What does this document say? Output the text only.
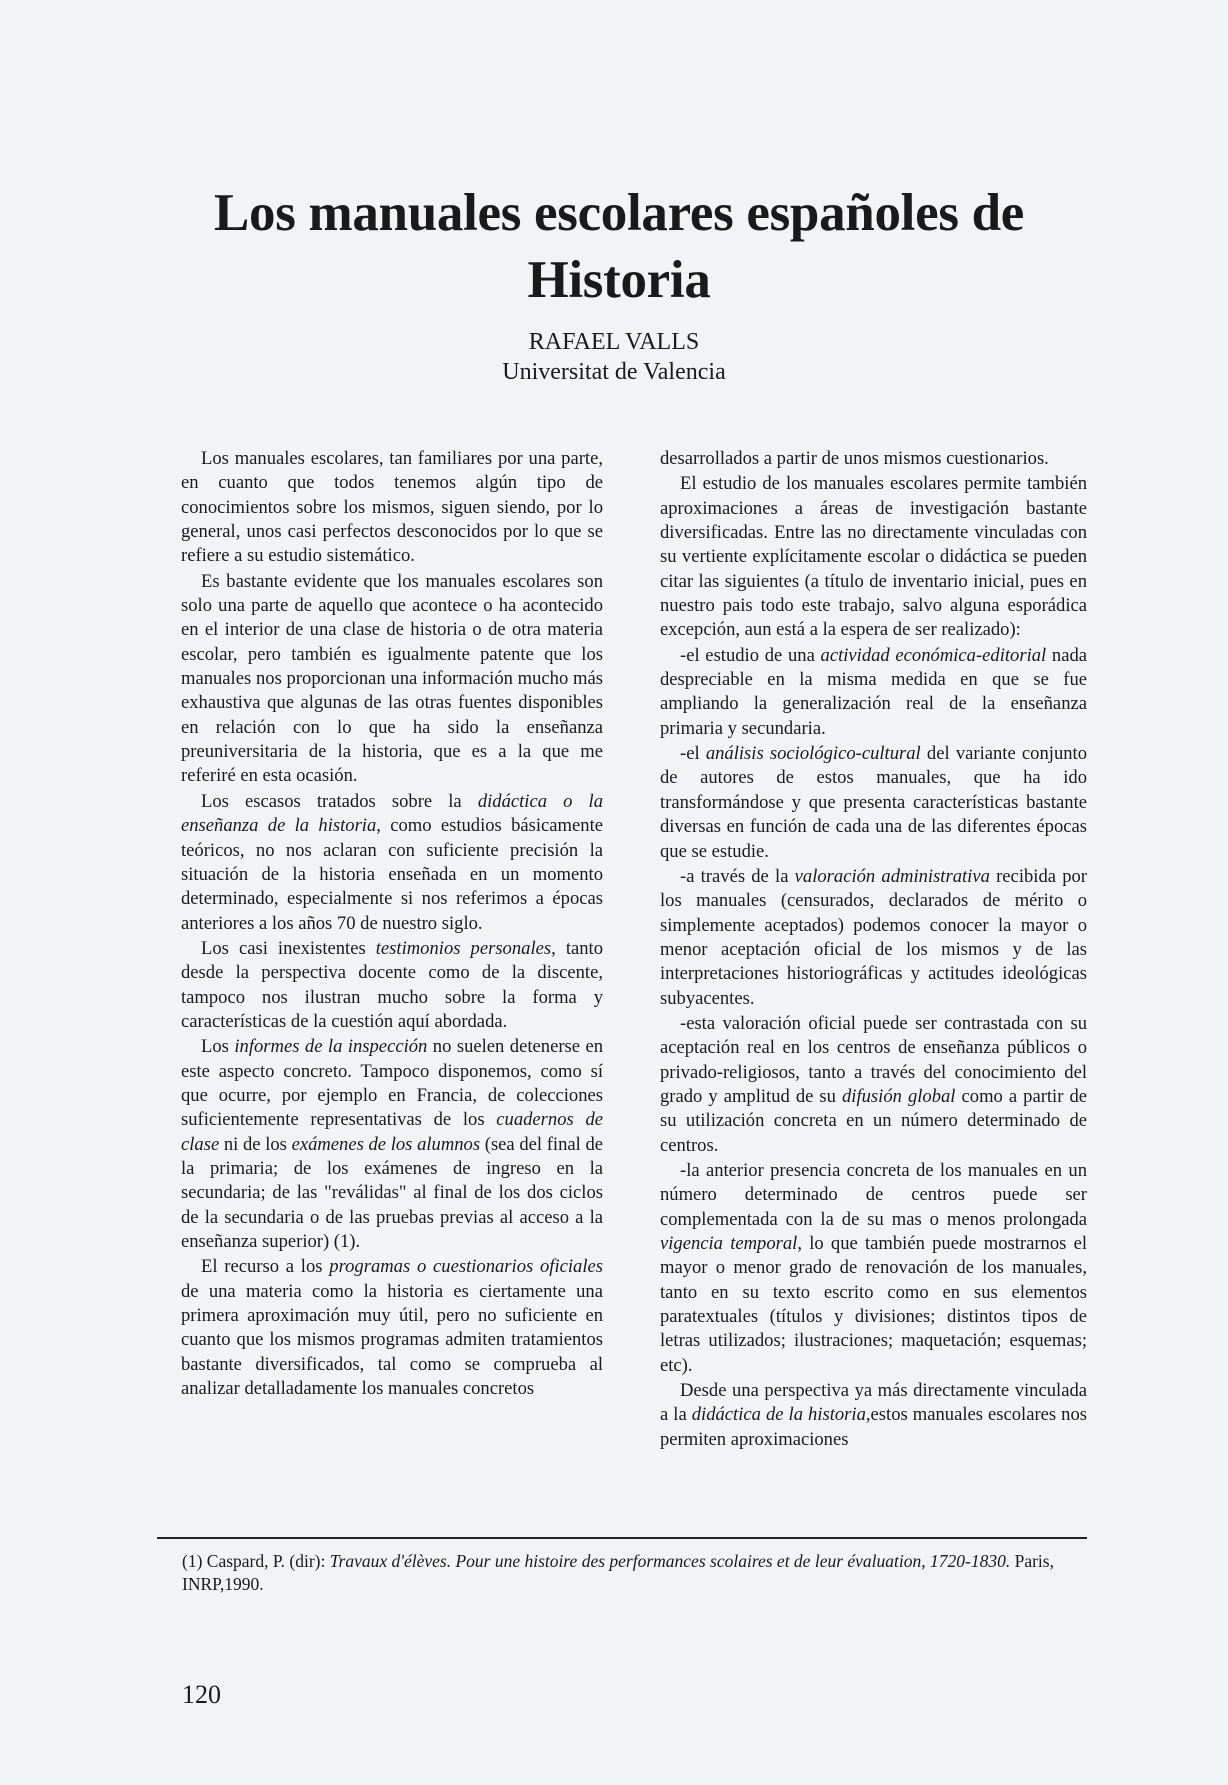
Los manuales escolares españoles de Historia
RAFAEL VALLS
Universitat de Valencia

Los manuales escolares, tan familiares por una parte, en cuanto que todos tenemos algún tipo de conocimientos sobre los mismos, siguen siendo, por lo general, unos casi perfectos desconocidos por lo que se refiere a su estudio sistemático.

Es bastante evidente que los manuales escolares son solo una parte de aquello que acontece o ha acontecido en el interior de una clase de historia o de otra materia escolar, pero también es igualmente patente que los manuales nos proporcionan una información mucho más exhaustiva que algunas de las otras fuentes disponibles en relación con lo que ha sido la enseñanza preuniversitaria de la historia, que es a la que me referiré en esta ocasión.

Los escasos tratados sobre la didáctica o la enseñanza de la historia, como estudios básicamente teóricos, no nos aclaran con suficiente precisión la situación de la historia enseñada en un momento determinado, especialmente si nos referimos a épocas anteriores a los años 70 de nuestro siglo.

Los casi inexistentes testimonios personales, tanto desde la perspectiva docente como de la discente, tampoco nos ilustran mucho sobre la forma y características de la cuestión aquí abordada.

Los informes de la inspección no suelen detenerse en este aspecto concreto. Tampoco disponemos, como sí que ocurre, por ejemplo en Francia, de colecciones suficientemente representativas de los cuadernos de clase ni de los exámenes de los alumnos (sea del final de la primaria; de los exámenes de ingreso en la secundaria; de las "reválidas" al final de los dos ciclos de la secundaria o de las pruebas previas al acceso a la enseñanza superior) (1).

El recurso a los programas o cuestionarios oficiales de una materia como la historia es ciertamente una primera aproximación muy útil, pero no suficiente en cuanto que los mismos programas admiten tratamientos bastante diversificados, tal como se comprueba al analizar detalladamente los manuales concretos

desarrollados a partir de unos mismos cuestionarios.

El estudio de los manuales escolares permite también aproximaciones a áreas de investigación bastante diversificadas. Entre las no directamente vinculadas con su vertiente explícitamente escolar o didáctica se pueden citar las siguientes (a título de inventario inicial, pues en nuestro pais todo este trabajo, salvo alguna esporádica excepción, aun está a la espera de ser realizado):

-el estudio de una actividad económica-editorial nada despreciable en la misma medida en que se fue ampliando la generalización real de la enseñanza primaria y secundaria.

-el análisis sociológico-cultural del variante conjunto de autores de estos manuales, que ha ido transformándose y que presenta características bastante diversas en función de cada una de las diferentes épocas que se estudie.

-a través de la valoración administrativa recibida por los manuales (censurados, declarados de mérito o simplemente aceptados) podemos conocer la mayor o menor aceptación oficial de los mismos y de las interpretaciones historiográficas y actitudes ideológicas subyacentes.

-esta valoración oficial puede ser contrastada con su aceptación real en los centros de enseñanza públicos o privado-religiosos, tanto a través del conocimiento del grado y amplitud de su difusión global como a partir de su utilización concreta en un número determinado de centros.

-la anterior presencia concreta de los manuales en un número determinado de centros puede ser complementada con la de su mas o menos prolongada vigencia temporal, lo que también puede mostrarnos el mayor o menor grado de renovación de los manuales, tanto en su texto escrito como en sus elementos paratextuales (títulos y divisiones; distintos tipos de letras utilizados; ilustraciones; maquetación; esquemas; etc).

Desde una perspectiva ya más directamente vinculada a la didáctica de la historia,estos manuales escolares nos permiten aproximaciones

(1) Caspard, P. (dir): Travaux d'élèves. Pour une histoire des performances scolaires et de leur évaluation, 1720-1830. Paris, INRP,1990.
120
